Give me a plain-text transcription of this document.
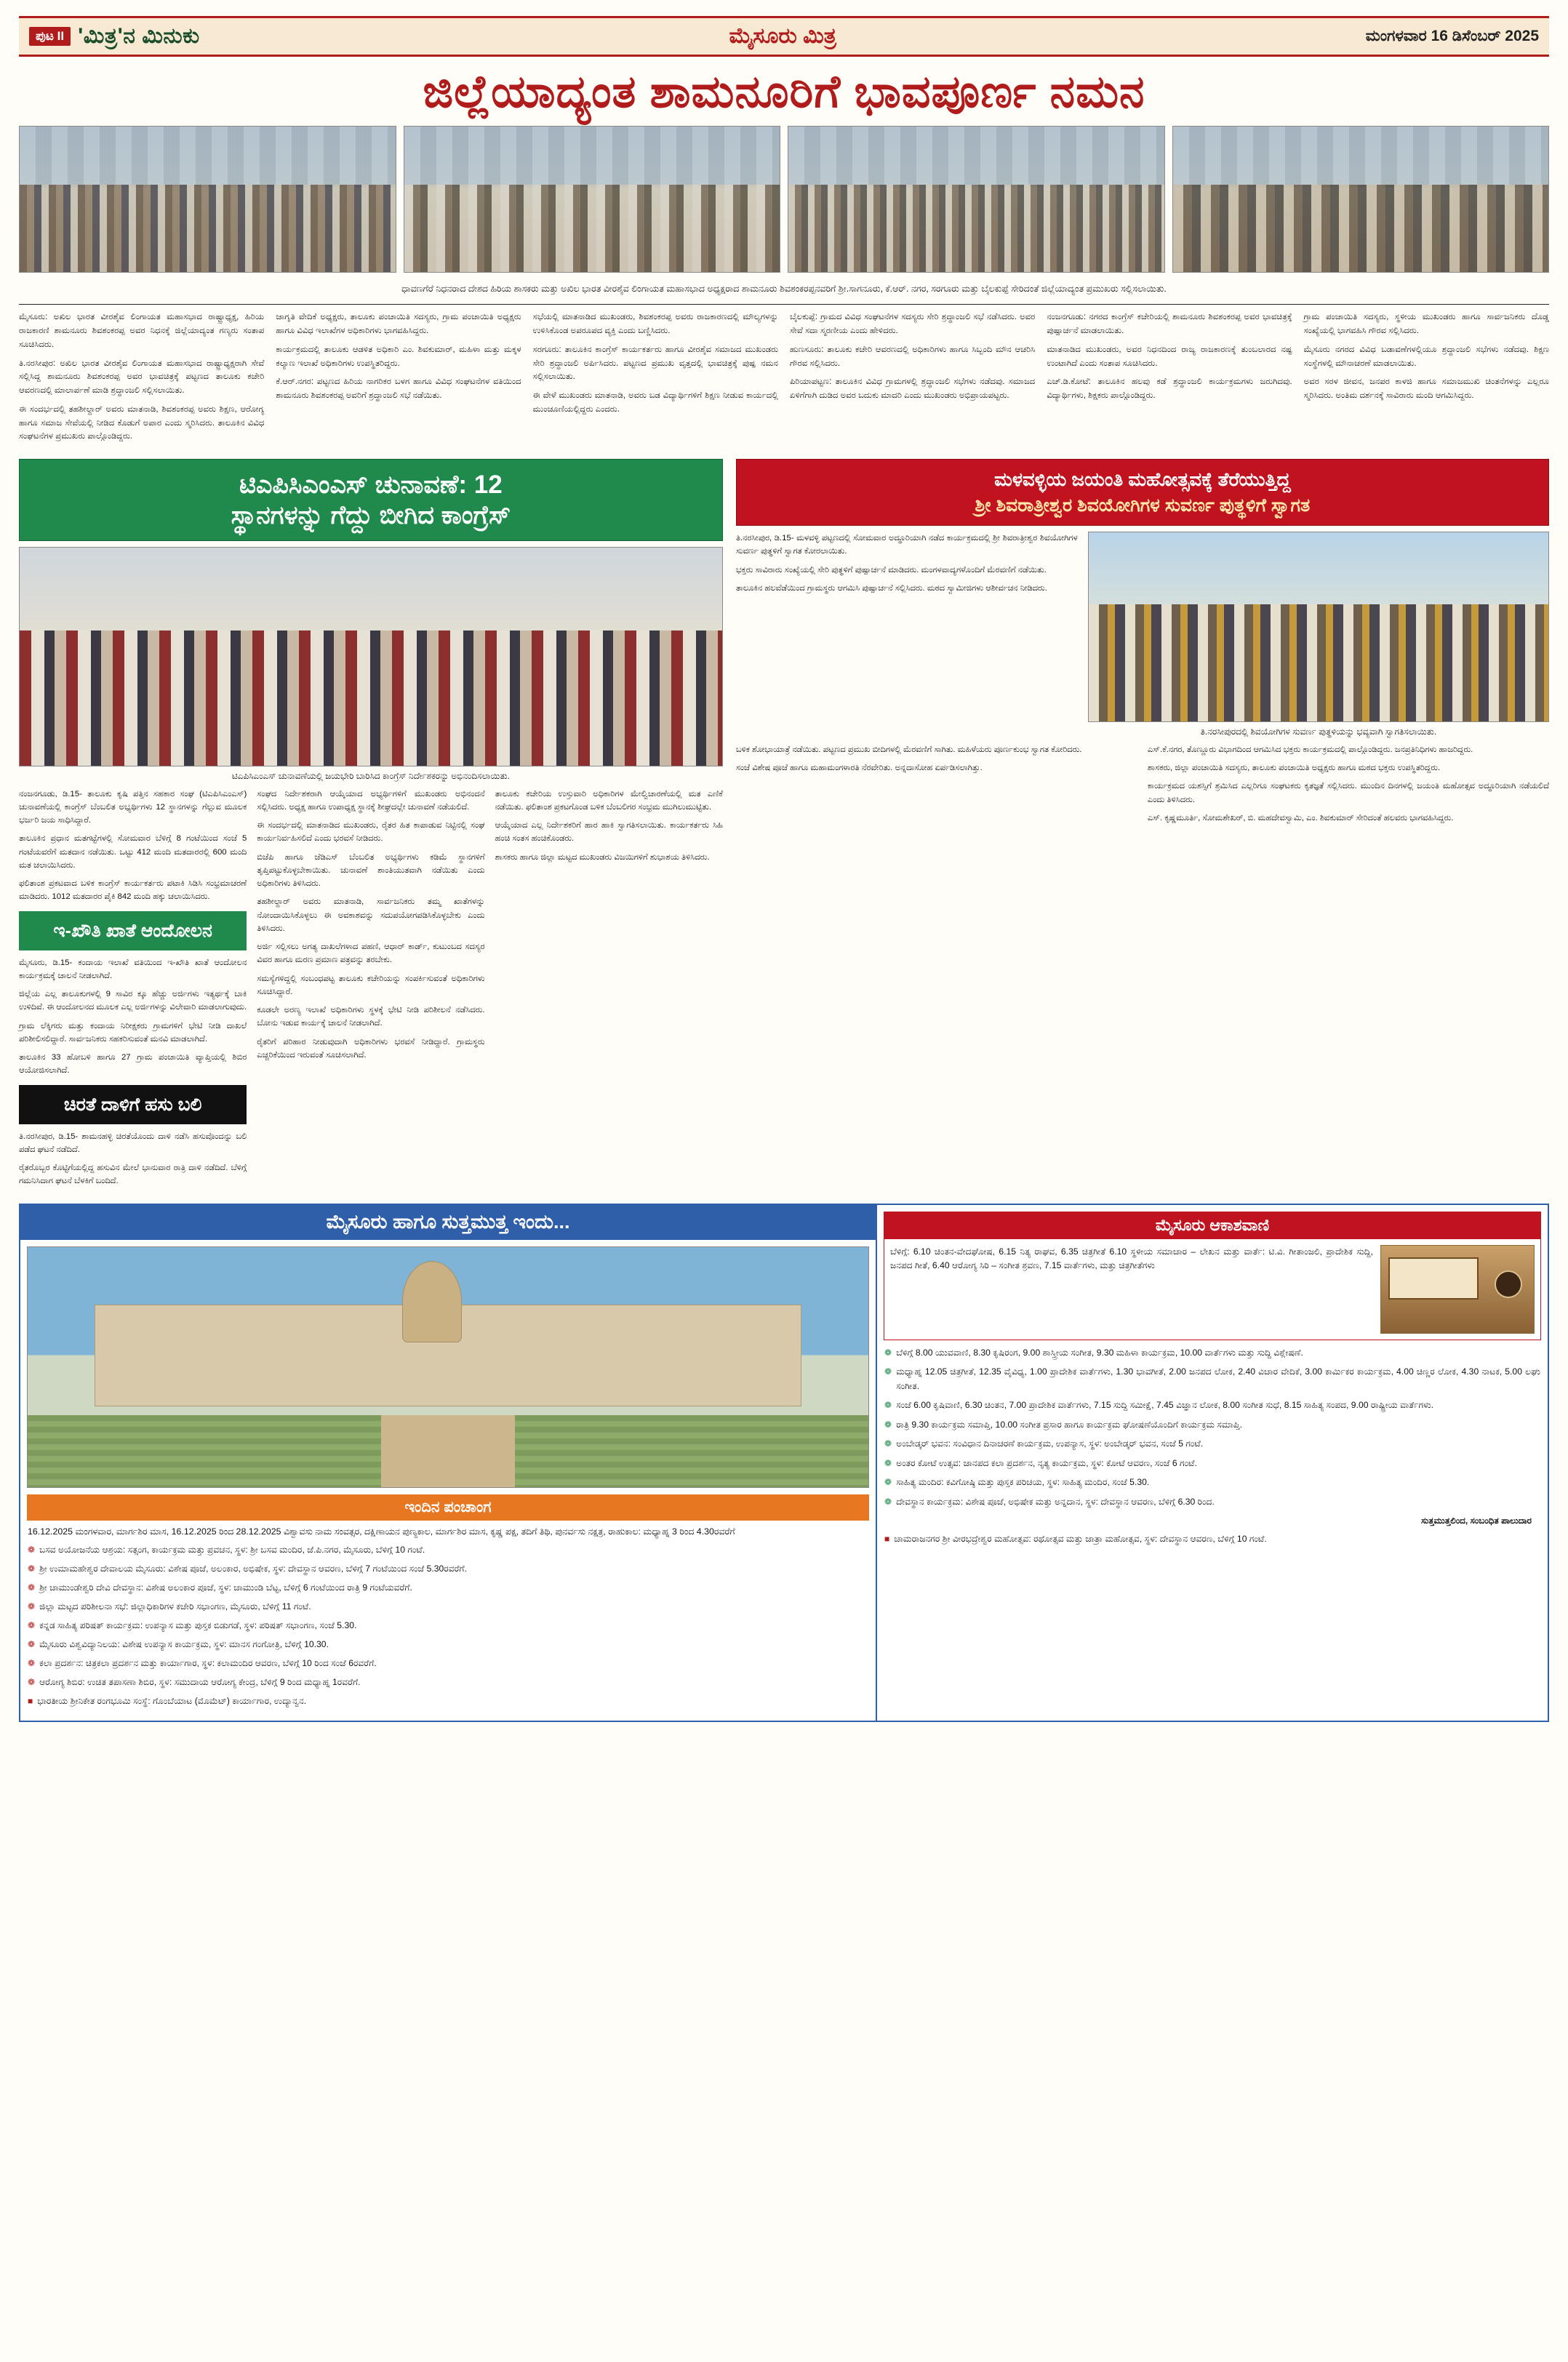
ಪುಟ II 'ಮಿತ್ರ'ನ ಮಿನುಕು	ಮೈಸೂರು ಮಿತ್ರ	ಮಂಗಳವಾರ 16 ಡಿಸೆಂಬರ್ 2025
ಜಿಲ್ಲೆಯಾದ್ಯಂತ ಶಾಮನೂರಿಗೆ ಭಾವಪೂರ್ಣ ನಮನ
ಧಾವಣಗೆರೆ ನಿಧನರಾದ ದೇಶದ ಹಿರಿಯ ಶಾಸಕರು ಮತ್ತು ಅಖಿಲ ಭಾರತ ವೀರಶೈವ ಲಿಂಗಾಯತ ಮಹಾಸಭಾದ ಅಧ್ಯಕ್ಷರಾದ ಶಾಮನೂರು ಶಿವಶಂಕರಪ್ಪನವರಿಗೆ ಶ್ರೀ.ಸಾಗನೂರು, ಕೆ.ಆರ್. ನಗರ, ಸರಗೂರು ಮತ್ತು ಬೈಲಕುಪ್ಪೆ ಸೇರಿದಂತೆ ಜಿಲ್ಲೆಯಾದ್ಯಂತ ಪ್ರಮುಖರು ಸಲ್ಲಿಸಲಾಯಿತು.

ಮೈಸೂರು: ಅಖಿಲ ಭಾರತ ವೀರಶೈವ ಲಿಂಗಾಯತ ಮಹಾಸಭಾದ ರಾಷ್ಟ್ರಾಧ್ಯಕ್ಷ, ಹಿರಿಯ ರಾಜಕಾರಣಿ ಶಾಮನೂರು ಶಿವಶಂಕರಪ್ಪ ಅವರ ನಿಧನಕ್ಕೆ ಜಿಲ್ಲೆಯಾದ್ಯಂತ ಗಣ್ಯರು ಸಂತಾಪ ಸೂಚಿಸಿದರು.

ತಿ.ನರಸೀಪುರ: ಅಖಿಲ ಭಾರತ ವೀರಶೈವ ಲಿಂಗಾಯತ ಮಹಾಸಭಾದ ರಾಷ್ಟ್ರಾಧ್ಯಕ್ಷರಾಗಿ ಸೇವೆ ಸಲ್ಲಿಸಿದ್ದ ಶಾಮನೂರು ಶಿವಶಂಕರಪ್ಪ ಅವರ ಭಾವಚಿತ್ರಕ್ಕೆ ಪಟ್ಟಣದ ತಾಲೂಕು ಕಚೇರಿ ಆವರಣದಲ್ಲಿ ಮಾಲಾರ್ಪಣೆ ಮಾಡಿ ಶ್ರದ್ಧಾಂಜಲಿ ಸಲ್ಲಿಸಲಾಯಿತು.

ಈ ಸಂದರ್ಭದಲ್ಲಿ ತಹಶೀಲ್ದಾರ್ ಅವರು ಮಾತನಾಡಿ, ಶಿವಶಂಕರಪ್ಪ ಅವರು ಶಿಕ್ಷಣ, ಆರೋಗ್ಯ ಹಾಗೂ ಸಮಾಜ ಸೇವೆಯಲ್ಲಿ ನೀಡಿದ ಕೊಡುಗೆ ಅಪಾರ ಎಂದು ಸ್ಮರಿಸಿದರು. ತಾಲೂಕಿನ ವಿವಿಧ ಸಂಘಟನೆಗಳ ಪ್ರಮುಖರು ಪಾಲ್ಗೊಂಡಿದ್ದರು.

ಜಾಗೃತಿ ವೇದಿಕೆ ಅಧ್ಯಕ್ಷರು, ತಾಲೂಕು ಪಂಚಾಯಿತಿ ಸದಸ್ಯರು, ಗ್ರಾಮ ಪಂಚಾಯಿತಿ ಅಧ್ಯಕ್ಷರು ಹಾಗೂ ವಿವಿಧ ಇಲಾಖೆಗಳ ಅಧಿಕಾರಿಗಳು ಭಾಗವಹಿಸಿದ್ದರು.

ಕಾರ್ಯಕ್ರಮದಲ್ಲಿ ತಾಲೂಕು ಆಡಳಿತ ಅಧಿಕಾರಿ ಎಂ. ಶಿವಕುಮಾರ್, ಮಹಿಳಾ ಮತ್ತು ಮಕ್ಕಳ ಕಲ್ಯಾಣ ಇಲಾಖೆ ಅಧಿಕಾರಿಗಳು ಉಪಸ್ಥಿತರಿದ್ದರು.

ಕೆ.ಆರ್.ನಗರ: ಪಟ್ಟಣದ ಹಿರಿಯ ನಾಗರಿಕರ ಬಳಗ ಹಾಗೂ ವಿವಿಧ ಸಂಘಟನೆಗಳ ವತಿಯಿಂದ ಶಾಮನೂರು ಶಿವಶಂಕರಪ್ಪ ಅವರಿಗೆ ಶ್ರದ್ಧಾಂಜಲಿ ಸಭೆ ನಡೆಯಿತು.

ಸಭೆಯಲ್ಲಿ ಮಾತನಾಡಿದ ಮುಖಂಡರು, ಶಿವಶಂಕರಪ್ಪ ಅವರು ರಾಜಕಾರಣದಲ್ಲಿ ಮೌಲ್ಯಗಳನ್ನು ಉಳಿಸಿಕೊಂಡ ಅಪರೂಪದ ವ್ಯಕ್ತಿ ಎಂದು ಬಣ್ಣಿಸಿದರು.

ಸರಗೂರು: ತಾಲೂಕಿನ ಕಾಂಗ್ರೆಸ್ ಕಾರ್ಯಕರ್ತರು ಹಾಗೂ ವೀರಶೈವ ಸಮಾಜದ ಮುಖಂಡರು ಸೇರಿ ಶ್ರದ್ಧಾಂಜಲಿ ಅರ್ಪಿಸಿದರು. ಪಟ್ಟಣದ ಪ್ರಮುಖ ವೃತ್ತದಲ್ಲಿ ಭಾವಚಿತ್ರಕ್ಕೆ ಪುಷ್ಪ ನಮನ ಸಲ್ಲಿಸಲಾಯಿತು.

ಈ ವೇಳೆ ಮುಖಂಡರು ಮಾತನಾಡಿ, ಅವರು ಬಡ ವಿದ್ಯಾರ್ಥಿಗಳಿಗೆ ಶಿಕ್ಷಣ ನೀಡುವ ಕಾರ್ಯದಲ್ಲಿ ಮುಂಚೂಣಿಯಲ್ಲಿದ್ದರು ಎಂದರು.

ಬೈಲಕುಪ್ಪೆ: ಗ್ರಾಮದ ವಿವಿಧ ಸಂಘಟನೆಗಳ ಸದಸ್ಯರು ಸೇರಿ ಶ್ರದ್ಧಾಂಜಲಿ ಸಭೆ ನಡೆಸಿದರು. ಅವರ ಸೇವೆ ಸದಾ ಸ್ಮರಣೀಯ ಎಂದು ಹೇಳಿದರು.

ಹುಣಸೂರು: ತಾಲೂಕು ಕಚೇರಿ ಆವರಣದಲ್ಲಿ ಅಧಿಕಾರಿಗಳು ಹಾಗೂ ಸಿಬ್ಬಂದಿ ಮೌನ ಆಚರಿಸಿ ಗೌರವ ಸಲ್ಲಿಸಿದರು.

ಪಿರಿಯಾಪಟ್ಟಣ: ತಾಲೂಕಿನ ವಿವಿಧ ಗ್ರಾಮಗಳಲ್ಲಿ ಶ್ರದ್ಧಾಂಜಲಿ ಸಭೆಗಳು ನಡೆದವು. ಸಮಾಜದ ಏಳಿಗೆಗಾಗಿ ದುಡಿದ ಅವರ ಬದುಕು ಮಾದರಿ ಎಂದು ಮುಖಂಡರು ಅಭಿಪ್ರಾಯಪಟ್ಟರು.

ನಂಜನಗೂಡು: ನಗರದ ಕಾಂಗ್ರೆಸ್ ಕಚೇರಿಯಲ್ಲಿ ಶಾಮನೂರು ಶಿವಶಂಕರಪ್ಪ ಅವರ ಭಾವಚಿತ್ರಕ್ಕೆ ಪುಷ್ಪಾರ್ಚನೆ ಮಾಡಲಾಯಿತು.

ಮಾತನಾಡಿದ ಮುಖಂಡರು, ಅವರ ನಿಧನದಿಂದ ರಾಜ್ಯ ರಾಜಕಾರಣಕ್ಕೆ ತುಂಬಲಾರದ ನಷ್ಟ ಉಂಟಾಗಿದೆ ಎಂದು ಸಂತಾಪ ಸೂಚಿಸಿದರು.

ಎಚ್.ಡಿ.ಕೋಟೆ: ತಾಲೂಕಿನ ಹಲವು ಕಡೆ ಶ್ರದ್ಧಾಂಜಲಿ ಕಾರ್ಯಕ್ರಮಗಳು ಜರುಗಿದವು. ವಿದ್ಯಾರ್ಥಿಗಳು, ಶಿಕ್ಷಕರು ಪಾಲ್ಗೊಂಡಿದ್ದರು.

ಗ್ರಾಮ ಪಂಚಾಯಿತಿ ಸದಸ್ಯರು, ಸ್ಥಳೀಯ ಮುಖಂಡರು ಹಾಗೂ ಸಾರ್ವಜನಿಕರು ದೊಡ್ಡ ಸಂಖ್ಯೆಯಲ್ಲಿ ಭಾಗವಹಿಸಿ ಗೌರವ ಸಲ್ಲಿಸಿದರು.

ಮೈಸೂರು ನಗರದ ವಿವಿಧ ಬಡಾವಣೆಗಳಲ್ಲಿಯೂ ಶ್ರದ್ಧಾಂಜಲಿ ಸಭೆಗಳು ನಡೆದವು. ಶಿಕ್ಷಣ ಸಂಸ್ಥೆಗಳಲ್ಲಿ ಮೌನಾಚರಣೆ ಮಾಡಲಾಯಿತು.

ಅವರ ಸರಳ ಜೀವನ, ಜನಪರ ಕಾಳಜಿ ಹಾಗೂ ಸಮಾಜಮುಖಿ ಚಿಂತನೆಗಳನ್ನು ಎಲ್ಲರೂ ಸ್ಮರಿಸಿದರು. ಅಂತಿಮ ದರ್ಶನಕ್ಕೆ ಸಾವಿರಾರು ಮಂದಿ ಆಗಮಿಸಿದ್ದರು.

ಟಿಎಪಿಸಿಎಂಎಸ್ ಚುನಾವಣೆ: 12
ಸ್ಥಾನಗಳನ್ನು ಗೆದ್ದು ಬೀಗಿದ ಕಾಂಗ್ರೆಸ್
ಟಿಎಪಿಸಿಎಂಎಸ್ ಚುನಾವಣೆಯಲ್ಲಿ ಜಯಭೇರಿ ಬಾರಿಸಿದ ಕಾಂಗ್ರೆಸ್ ನಿರ್ದೇಶಕರನ್ನು ಅಭಿನಂದಿಸಲಾಯಿತು.

ನಂಜನಗೂಡು, ಡಿ.15- ತಾಲೂಕು ಕೃಷಿ ಪತ್ತಿನ ಸಹಕಾರ ಸಂಘ (ಟಿಎಪಿಸಿಎಂಎಸ್) ಚುನಾವಣೆಯಲ್ಲಿ ಕಾಂಗ್ರೆಸ್ ಬೆಂಬಲಿತ ಅಭ್ಯರ್ಥಿಗಳು 12 ಸ್ಥಾನಗಳನ್ನು ಗೆಲ್ಲುವ ಮೂಲಕ ಭರ್ಜರಿ ಜಯ ಸಾಧಿಸಿದ್ದಾರೆ.

ತಾಲೂಕಿನ ಪ್ರಧಾನ ಮತಗಟ್ಟೆಗಳಲ್ಲಿ ಸೋಮವಾರ ಬೆಳಿಗ್ಗೆ 8 ಗಂಟೆಯಿಂದ ಸಂಜೆ 5 ಗಂಟೆಯವರೆಗೆ ಮತದಾನ ನಡೆಯಿತು. ಒಟ್ಟು 412 ಮಂದಿ ಮತದಾರರಲ್ಲಿ 600 ಮಂದಿ ಮತ ಚಲಾಯಿಸಿದರು.

ಫಲಿತಾಂಶ ಪ್ರಕಟವಾದ ಬಳಿಕ ಕಾಂಗ್ರೆಸ್ ಕಾರ್ಯಕರ್ತರು ಪಟಾಕಿ ಸಿಡಿಸಿ ಸಂಭ್ರಮಾಚರಣೆ ಮಾಡಿದರು. 1012 ಮತದಾರರ ಪೈಕಿ 842 ಮಂದಿ ಹಕ್ಕು ಚಲಾಯಿಸಿದರು.

ಇ-ಖೌತಿ ಖಾತೆ ಆಂದೋಲನ

ಮೈಸೂರು, ಡಿ.15- ಕಂದಾಯ ಇಲಾಖೆ ವತಿಯಿಂದ ಇ-ಖೌತಿ ಖಾತೆ ಆಂದೋಲನ ಕಾರ್ಯಕ್ರಮಕ್ಕೆ ಚಾಲನೆ ನೀಡಲಾಗಿದೆ.

ಜಿಲ್ಲೆಯ ಎಲ್ಲ ತಾಲೂಕುಗಳಲ್ಲಿ 9 ಸಾವಿರ ಕ್ಕೂ ಹೆಚ್ಚು ಅರ್ಜಿಗಳು ಇತ್ಯರ್ಥಕ್ಕೆ ಬಾಕಿ ಉಳಿದಿವೆ. ಈ ಆಂದೋಲನದ ಮೂಲಕ ಎಲ್ಲ ಅರ್ಜಿಗಳನ್ನು ವಿಲೇವಾರಿ ಮಾಡಲಾಗುವುದು.

ಗ್ರಾಮ ಲೆಕ್ಕಿಗರು ಮತ್ತು ಕಂದಾಯ ನಿರೀಕ್ಷಕರು ಗ್ರಾಮಗಳಿಗೆ ಭೇಟಿ ನೀಡಿ ದಾಖಲೆ ಪರಿಶೀಲಿಸಲಿದ್ದಾರೆ. ಸಾರ್ವಜನಿಕರು ಸಹಕರಿಸುವಂತೆ ಮನವಿ ಮಾಡಲಾಗಿದೆ.

ತಾಲೂಕಿನ 33 ಹೋಬಳಿ ಹಾಗೂ 27 ಗ್ರಾಮ ಪಂಚಾಯಿತಿ ವ್ಯಾಪ್ತಿಯಲ್ಲಿ ಶಿಬಿರ ಆಯೋಜಿಸಲಾಗಿದೆ.

ಚಿರತೆ ದಾಳಿಗೆ ಹಸು ಬಲಿ

ತಿ.ನರಸೀಪುರ, ಡಿ.15- ಶಾಮನಹಳ್ಳಿ ಚಿರತೆಯೊಂದು ದಾಳಿ ನಡೆಸಿ ಹಸುವೊಂದನ್ನು ಬಲಿ ಪಡೆದ ಘಟನೆ ನಡೆದಿದೆ.

ರೈತರೊಬ್ಬರ ಕೊಟ್ಟಿಗೆಯಲ್ಲಿದ್ದ ಹಸುವಿನ ಮೇಲೆ ಭಾನುವಾರ ರಾತ್ರಿ ದಾಳಿ ನಡೆದಿದೆ. ಬೆಳಿಗ್ಗೆ ಗಮನಿಸಿದಾಗ ಘಟನೆ ಬೆಳಕಿಗೆ ಬಂದಿದೆ.

ಸಂಘದ ನಿರ್ದೇಶಕರಾಗಿ ಆಯ್ಕೆಯಾದ ಅಭ್ಯರ್ಥಿಗಳಿಗೆ ಮುಖಂಡರು ಅಭಿನಂದನೆ ಸಲ್ಲಿಸಿದರು. ಅಧ್ಯಕ್ಷ ಹಾಗೂ ಉಪಾಧ್ಯಕ್ಷ ಸ್ಥಾನಕ್ಕೆ ಶೀಘ್ರದಲ್ಲೇ ಚುನಾವಣೆ ನಡೆಯಲಿದೆ.

ಈ ಸಂದರ್ಭದಲ್ಲಿ ಮಾತನಾಡಿದ ಮುಖಂಡರು, ರೈತರ ಹಿತ ಕಾಪಾಡುವ ನಿಟ್ಟಿನಲ್ಲಿ ಸಂಘ ಕಾರ್ಯನಿರ್ವಹಿಸಲಿದೆ ಎಂದು ಭರವಸೆ ನೀಡಿದರು.

ಬಿಜೆಪಿ ಹಾಗೂ ಜೆಡಿಎಸ್ ಬೆಂಬಲಿತ ಅಭ್ಯರ್ಥಿಗಳು ಕಡಿಮೆ ಸ್ಥಾನಗಳಿಗೆ ತೃಪ್ತಿಪಟ್ಟುಕೊಳ್ಳಬೇಕಾಯಿತು. ಚುನಾವಣೆ ಶಾಂತಿಯುತವಾಗಿ ನಡೆಯಿತು ಎಂದು ಅಧಿಕಾರಿಗಳು ತಿಳಿಸಿದರು.

ತಹಶೀಲ್ದಾರ್ ಅವರು ಮಾತನಾಡಿ, ಸಾರ್ವಜನಿಕರು ತಮ್ಮ ಖಾತೆಗಳನ್ನು ನೋಂದಾಯಿಸಿಕೊಳ್ಳಲು ಈ ಅವಕಾಶವನ್ನು ಸದುಪಯೋಗಪಡಿಸಿಕೊಳ್ಳಬೇಕು ಎಂದು ತಿಳಿಸಿದರು.

ಅರ್ಜಿ ಸಲ್ಲಿಸಲು ಅಗತ್ಯ ದಾಖಲೆಗಳಾದ ಪಹಣಿ, ಆಧಾರ್ ಕಾರ್ಡ್, ಕುಟುಂಬದ ಸದಸ್ಯರ ವಿವರ ಹಾಗೂ ಮರಣ ಪ್ರಮಾಣ ಪತ್ರವನ್ನು ತರಬೇಕು.

ಸಮಸ್ಯೆಗಳಿದ್ದಲ್ಲಿ ಸಂಬಂಧಪಟ್ಟ ತಾಲೂಕು ಕಚೇರಿಯನ್ನು ಸಂಪರ್ಕಿಸುವಂತೆ ಅಧಿಕಾರಿಗಳು ಸೂಚಿಸಿದ್ದಾರೆ.

ಕೂಡಲೇ ಅರಣ್ಯ ಇಲಾಖೆ ಅಧಿಕಾರಿಗಳು ಸ್ಥಳಕ್ಕೆ ಭೇಟಿ ನೀಡಿ ಪರಿಶೀಲನೆ ನಡೆಸಿದರು. ಬೋನು ಇಡುವ ಕಾರ್ಯಕ್ಕೆ ಚಾಲನೆ ನೀಡಲಾಗಿದೆ.

ರೈತರಿಗೆ ಪರಿಹಾರ ನೀಡುವುದಾಗಿ ಅಧಿಕಾರಿಗಳು ಭರವಸೆ ನೀಡಿದ್ದಾರೆ. ಗ್ರಾಮಸ್ಥರು ಎಚ್ಚರಿಕೆಯಿಂದ ಇರುವಂತೆ ಸೂಚಿಸಲಾಗಿದೆ.

ತಾಲೂಕು ಕಚೇರಿಯ ಉಸ್ತುವಾರಿ ಅಧಿಕಾರಿಗಳ ಮೇಲ್ವಿಚಾರಣೆಯಲ್ಲಿ ಮತ ಎಣಿಕೆ ನಡೆಯಿತು. ಫಲಿತಾಂಶ ಪ್ರಕಟಗೊಂಡ ಬಳಿಕ ಬೆಂಬಲಿಗರ ಸಂಭ್ರಮ ಮುಗಿಲುಮುಟ್ಟಿತು.

ಆಯ್ಕೆಯಾದ ಎಲ್ಲ ನಿರ್ದೇಶಕರಿಗೆ ಹಾರ ಹಾಕಿ ಸ್ವಾಗತಿಸಲಾಯಿತು. ಕಾರ್ಯಕರ್ತರು ಸಿಹಿ ಹಂಚಿ ಸಂತಸ ಹಂಚಿಕೊಂಡರು.

ಶಾಸಕರು ಹಾಗೂ ಜಿಲ್ಲಾ ಮಟ್ಟದ ಮುಖಂಡರು ವಿಜಯಿಗಳಿಗೆ ಶುಭಾಶಯ ತಿಳಿಸಿದರು.

ಮಳವಳ್ಳಿಯ ಜಯಂತಿ ಮಹೋತ್ಸವಕ್ಕೆ ತೆರೆಯುತ್ತಿದ್ದ
ಶ್ರೀ ಶಿವರಾತ್ರೀಶ್ವರ ಶಿವಯೋಗಿಗಳ ಸುವರ್ಣ ಪುತ್ಥಳಿಗೆ ಸ್ವಾಗತ

ತಿ.ನರಸೀಪುರ, ಡಿ.15- ಮಳವಳ್ಳಿ ಪಟ್ಟಣದಲ್ಲಿ ಸೋಮವಾರ ಅದ್ಧೂರಿಯಾಗಿ ನಡೆದ ಕಾರ್ಯಕ್ರಮದಲ್ಲಿ ಶ್ರೀ ಶಿವರಾತ್ರೀಶ್ವರ ಶಿವಯೋಗಿಗಳ ಸುವರ್ಣ ಪುತ್ಥಳಿಗೆ ಸ್ವಾಗತ ಕೋರಲಾಯಿತು.

ಭಕ್ತರು ಸಾವಿರಾರು ಸಂಖ್ಯೆಯಲ್ಲಿ ಸೇರಿ ಪುತ್ಥಳಿಗೆ ಪುಷ್ಪಾರ್ಚನೆ ಮಾಡಿದರು. ಮಂಗಳವಾದ್ಯಗಳೊಂದಿಗೆ ಮೆರವಣಿಗೆ ನಡೆಯಿತು.

ತಾಲೂಕಿನ ಹಲವೆಡೆಯಿಂದ ಗ್ರಾಮಸ್ಥರು ಆಗಮಿಸಿ ಪುಷ್ಪಾರ್ಚನೆ ಸಲ್ಲಿಸಿದರು. ಮಠದ ಸ್ವಾಮೀಜಿಗಳು ಆಶೀರ್ವಚನ ನೀಡಿದರು.

ತಿ.ನರಸೀಪುರದಲ್ಲಿ ಶಿವಯೋಗಿಗಳ ಸುವರ್ಣ ಪುತ್ಥಳಿಯನ್ನು ಭವ್ಯವಾಗಿ ಸ್ವಾಗತಿಸಲಾಯಿತು.

ಬಳಿಕ ಶೋಭಾಯಾತ್ರೆ ನಡೆಯಿತು. ಪಟ್ಟಣದ ಪ್ರಮುಖ ಬೀದಿಗಳಲ್ಲಿ ಮೆರವಣಿಗೆ ಸಾಗಿತು. ಮಹಿಳೆಯರು ಪೂರ್ಣಕುಂಭ ಸ್ವಾಗತ ಕೋರಿದರು.

ಸಂಜೆ ವಿಶೇಷ ಪೂಜೆ ಹಾಗೂ ಮಹಾಮಂಗಳಾರತಿ ನೆರವೇರಿತು. ಅನ್ನದಾಸೋಹ ಏರ್ಪಡಿಸಲಾಗಿತ್ತು.

ಎಸ್.ಕೆ.ನಗರ, ತೊಣ್ಣೂರು ವಿಭಾಗದಿಂದ ಆಗಮಿಸಿದ ಭಕ್ತರು ಕಾರ್ಯಕ್ರಮದಲ್ಲಿ ಪಾಲ್ಗೊಂಡಿದ್ದರು. ಜನಪ್ರತಿನಿಧಿಗಳು ಹಾಜರಿದ್ದರು.

ಶಾಸಕರು, ಜಿಲ್ಲಾ ಪಂಚಾಯಿತಿ ಸದಸ್ಯರು, ತಾಲೂಕು ಪಂಚಾಯಿತಿ ಅಧ್ಯಕ್ಷರು ಹಾಗೂ ಮಠದ ಭಕ್ತರು ಉಪಸ್ಥಿತರಿದ್ದರು.

ಕಾರ್ಯಕ್ರಮದ ಯಶಸ್ಸಿಗೆ ಶ್ರಮಿಸಿದ ಎಲ್ಲರಿಗೂ ಸಂಘಟಕರು ಕೃತಜ್ಞತೆ ಸಲ್ಲಿಸಿದರು. ಮುಂದಿನ ದಿನಗಳಲ್ಲಿ ಜಯಂತಿ ಮಹೋತ್ಸವ ಅದ್ಧೂರಿಯಾಗಿ ನಡೆಯಲಿದೆ ಎಂದು ತಿಳಿಸಿದರು.

ಎಸ್. ಕೃಷ್ಣಮೂರ್ತಿ, ಸೋಮಶೇಖರ್, ಬಿ. ಮಹದೇವಸ್ವಾಮಿ, ಎಂ. ಶಿವಕುಮಾರ್ ಸೇರಿದಂತೆ ಹಲವರು ಭಾಗವಹಿಸಿದ್ದರು.

ಮೈಸೂರು ಹಾಗೂ ಸುತ್ತಮುತ್ತ ಇಂದು...
ಇಂದಿನ ಪಂಚಾಂಗ
16.12.2025 ಮಂಗಳವಾರ, ಮಾರ್ಗಶಿರ ಮಾಸ, 16.12.2025 ರಿಂದ 28.12.2025 ವಿಶ್ವಾವಸು ನಾಮ ಸಂವತ್ಸರ, ದಕ್ಷಿಣಾಯನ ಪುಣ್ಯಕಾಲ, ಮಾರ್ಗಶಿರ ಮಾಸ, ಕೃಷ್ಣ ಪಕ್ಷ, ತದಿಗೆ ತಿಥಿ, ಪುನರ್ವಸು ನಕ್ಷತ್ರ, ರಾಹುಕಾಲ: ಮಧ್ಯಾಹ್ನ 3 ರಿಂದ 4.30ರವರೆಗೆ
❁ ಬಸವ ಅಯೋಜನೆಯ ಆಶ್ರಯ: ಸತ್ಸಂಗ, ಕಾರ್ಯಕ್ರಮ ಮತ್ತು ಪ್ರವಚನ, ಸ್ಥಳ: ಶ್ರೀ ಬಸವ ಮಂದಿರ, ಜೆ.ಪಿ.ನಗರ, ಮೈಸೂರು, ಬೆಳಿಗ್ಗೆ 10 ಗಂಟೆ.
❁ ಶ್ರೀ ಉಮಾಮಹೇಶ್ವರ ದೇವಾಲಯ ಮೈಸೂರು: ವಿಶೇಷ ಪೂಜೆ, ಅಲಂಕಾರ, ಅಭಿಷೇಕ, ಸ್ಥಳ: ದೇವಸ್ಥಾನ ಆವರಣ, ಬೆಳಿಗ್ಗೆ 7 ಗಂಟೆಯಿಂದ ಸಂಜೆ 5.30ರವರೆಗೆ.
❁ ಶ್ರೀ ಚಾಮುಂಡೇಶ್ವರಿ ದೇವಿ ದೇವಸ್ಥಾನ: ವಿಶೇಷ ಅಲಂಕಾರ ಪೂಜೆ, ಸ್ಥಳ: ಚಾಮುಂಡಿ ಬೆಟ್ಟ, ಬೆಳಿಗ್ಗೆ 6 ಗಂಟೆಯಿಂದ ರಾತ್ರಿ 9 ಗಂಟೆಯವರೆಗೆ.
❁ ಜಿಲ್ಲಾ ಮಟ್ಟದ ಪರಿಶೀಲನಾ ಸಭೆ: ಜಿಲ್ಲಾಧಿಕಾರಿಗಳ ಕಚೇರಿ ಸಭಾಂಗಣ, ಮೈಸೂರು, ಬೆಳಿಗ್ಗೆ 11 ಗಂಟೆ.
❁ ಕನ್ನಡ ಸಾಹಿತ್ಯ ಪರಿಷತ್ ಕಾರ್ಯಕ್ರಮ: ಉಪನ್ಯಾಸ ಮತ್ತು ಪುಸ್ತಕ ಬಿಡುಗಡೆ, ಸ್ಥಳ: ಪರಿಷತ್ ಸಭಾಂಗಣ, ಸಂಜೆ 5.30.
❁ ಮೈಸೂರು ವಿಶ್ವವಿದ್ಯಾನಿಲಯ: ವಿಶೇಷ ಉಪನ್ಯಾಸ ಕಾರ್ಯಕ್ರಮ, ಸ್ಥಳ: ಮಾನಸ ಗಂಗೋತ್ರಿ, ಬೆಳಿಗ್ಗೆ 10.30.
❁ ಕಲಾ ಪ್ರದರ್ಶನ: ಚಿತ್ರಕಲಾ ಪ್ರದರ್ಶನ ಮತ್ತು ಕಾರ್ಯಾಗಾರ, ಸ್ಥಳ: ಕಲಾಮಂದಿರ ಆವರಣ, ಬೆಳಿಗ್ಗೆ 10 ರಿಂದ ಸಂಜೆ 6ರವರೆಗೆ.
❁ ಆರೋಗ್ಯ ಶಿಬಿರ: ಉಚಿತ ತಪಾಸಣಾ ಶಿಬಿರ, ಸ್ಥಳ: ಸಮುದಾಯ ಆರೋಗ್ಯ ಕೇಂದ್ರ, ಬೆಳಿಗ್ಗೆ 9 ರಿಂದ ಮಧ್ಯಾಹ್ನ 1ರವರೆಗೆ.
■ ಭಾರತೀಯ ಶ್ರೀನಿಕೇತ ರಂಗಭೂಮಿ ಸಂಸ್ಥೆ: ಗೊಂಬೆಯಾಟ (ಮೊಮೆಟ್) ಕಾರ್ಯಾಗಾರ, ಉದ್ಯಾನ್ವನ.
ಮೈಸೂರು ಆಕಾಶವಾಣಿ
ಬೆಳಿಗ್ಗೆ: 6.10 ಚಿಂತನ-ವೇದಘೋಷ, 6.15 ನಿತ್ಯ ರಾಘವ, 6.35 ಚಿತ್ರಗೀತೆ 6.10 ಸ್ಥಳೀಯ ಸಮಾಚಾರ – ಲೇಖನ ಮತ್ತು ವಾರ್ತೆ: ಟಿ.ವಿ. ಗೀತಾಂಜಲಿ, ಪ್ರಾದೇಶಿಕ ಸುದ್ದಿ, ಜನಪದ ಗೀತೆ, 6.40 ಆರೋಗ್ಯ ಸಿರಿ – ಸಂಗೀತ ಶ್ರವಣ, 7.15 ವಾರ್ತೆಗಳು, ಮತ್ತು ಚಿತ್ರಗೀತೆಗಳು
❁ ಬೆಳಿಗ್ಗೆ 8.00 ಯುವವಾಣಿ, 8.30 ಕೃಷಿರಂಗ, 9.00 ಶಾಸ್ತ್ರೀಯ ಸಂಗೀತ, 9.30 ಮಹಿಳಾ ಕಾರ್ಯಕ್ರಮ, 10.00 ವಾರ್ತೆಗಳು ಮತ್ತು ಸುದ್ದಿ ವಿಶ್ಲೇಷಣೆ.
❁ ಮಧ್ಯಾಹ್ನ 12.05 ಚಿತ್ರಗೀತೆ, 12.35 ವೈವಿಧ್ಯ, 1.00 ಪ್ರಾದೇಶಿಕ ವಾರ್ತೆಗಳು, 1.30 ಭಾವಗೀತೆ, 2.00 ಜನಪದ ಲೋಕ, 2.40 ವಿಚಾರ ವೇದಿಕೆ, 3.00 ಕಾರ್ಮಿಕರ ಕಾರ್ಯಕ್ರಮ, 4.00 ಚಿಣ್ಣರ ಲೋಕ, 4.30 ನಾಟಕ, 5.00 ಲಘು ಸಂಗೀತ.
❁ ಸಂಜೆ 6.00 ಕೃಷಿವಾಣಿ, 6.30 ಚಿಂತನ, 7.00 ಪ್ರಾದೇಶಿಕ ವಾರ್ತೆಗಳು, 7.15 ಸುದ್ದಿ ಸಮೀಕ್ಷೆ, 7.45 ವಿಜ್ಞಾನ ಲೋಕ, 8.00 ಸಂಗೀತ ಸುಧೆ, 8.15 ಸಾಹಿತ್ಯ ಸಂಪದ, 9.00 ರಾಷ್ಟ್ರೀಯ ವಾರ್ತೆಗಳು.
❁ ರಾತ್ರಿ 9.30 ಕಾರ್ಯಕ್ರಮ ಸಮಾಪ್ತಿ, 10.00 ಸಂಗೀತ ಪ್ರಸಾರ ಹಾಗೂ ಕಾರ್ಯಕ್ರಮ ಘೋಷಣೆಯೊಂದಿಗೆ ಕಾರ್ಯಕ್ರಮ ಸಮಾಪ್ತಿ.
❁ ಅಂಬೇಡ್ಕರ್ ಭವನ: ಸಂವಿಧಾನ ದಿನಾಚರಣೆ ಕಾರ್ಯಕ್ರಮ, ಉಪನ್ಯಾಸ, ಸ್ಥಳ: ಅಂಬೇಡ್ಕರ್ ಭವನ, ಸಂಜೆ 5 ಗಂಟೆ.
❁ ಅಂತರ ಕೋಟೆ ಉತ್ಸವ: ಜಾನಪದ ಕಲಾ ಪ್ರದರ್ಶನ, ನೃತ್ಯ ಕಾರ್ಯಕ್ರಮ, ಸ್ಥಳ: ಕೋಟೆ ಆವರಣ, ಸಂಜೆ 6 ಗಂಟೆ.
❁ ಸಾಹಿತ್ಯ ಮಂದಿರ: ಕವಿಗೋಷ್ಠಿ ಮತ್ತು ಪುಸ್ತಕ ಪರಿಚಯ, ಸ್ಥಳ: ಸಾಹಿತ್ಯ ಮಂದಿರ, ಸಂಜೆ 5.30.
❁ ದೇವಸ್ಥಾನ ಕಾರ್ಯಕ್ರಮ: ವಿಶೇಷ ಪೂಜೆ, ಅಭಿಷೇಕ ಮತ್ತು ಅನ್ನದಾನ, ಸ್ಥಳ: ದೇವಸ್ಥಾನ ಆವರಣ, ಬೆಳಿಗ್ಗೆ 6.30 ರಿಂದ.
ಸುತ್ತಮುತ್ತಲಿಂದ, ಸಂಬಂಧಿತ ಪಾಲುದಾರ
■ ಚಾಮರಾಜನಗರ ಶ್ರೀ ವೀರಭದ್ರೇಶ್ವರ ಮಹೋತ್ಸವ: ರಥೋತ್ಸವ ಮತ್ತು ಜಾತ್ರಾ ಮಹೋತ್ಸವ, ಸ್ಥಳ: ದೇವಸ್ಥಾನ ಆವರಣ, ಬೆಳಿಗ್ಗೆ 10 ಗಂಟೆ.
